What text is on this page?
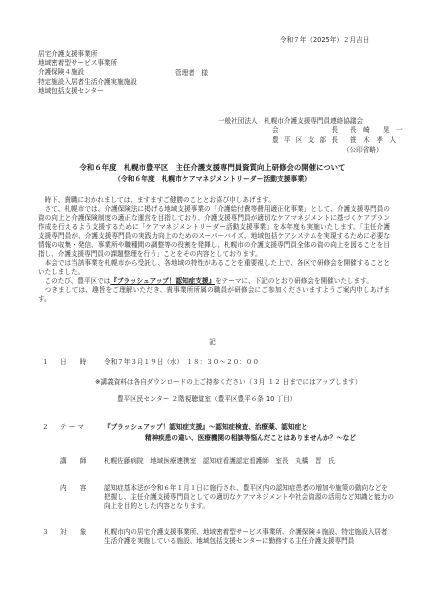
令和７年（2025年）２月吉日
居宅介護支援事業所
地域密着型サービス事業所
介護保険４施設
特定施設入居者生活介護実施施設
地域包括支援センター
管理者　様
一般社団法人　札幌市介護支援専門員連絡協議会
会長	長　崎　　晃　一
豊平区支部長	笹　木　孝　人
（公印省略）
令和６年度　札幌市豊平区　主任介護支援専門員資質向上研修会の開催について
（令和６年度　札幌市ケアマネジメントリーダー活動支援事業）

時下、貴職におかれましては、ますますご健勝のこととお喜び申しあげます。

さて、札幌市では、介護保険法に掲げる地域支援事業の「介護給付費等費用適正化事業」として、介護支援専門員の資の向上と介護保険制度の適正な運営を目指しており、介護支援専門員が適切なケアマネジメントに基づくケアプラン作成を行えるよう支援するために「ケアマネジメントリーダー活動支援事業」を本年度も実施いたします。「主任介護支援専門員が、介護支援専門員の実践力向上のためのスーパーバイズ、地域包括ケアシステムを実現するために必要な情報の収集・発信、事業所や職種間の調整等の役割を発揮し、札幌市の介護支援専門員全体の資の向上を図ることを目指し、介護支援専門員の課題整理を行う」ことをその内容としております。

本会では当該事業を札幌市から受託し、各地域の特性があることを重要視した上で、各区で研修会を開催することといたしました。

このたび、豊平区では『ブラッシュアップ！認知症支援』をテーマに、下記のとおり研修会を開催いたします。

つきましては、趣旨をご理解いただき、貴事業所所属の職員が研修会にご参加くださいますようご案内申しあげます。

記
１ 日　　時	令和７年３月１９日（水）　１８：３０～２０：００
※講義資料は各自ダウンロードの上ご持参ください（３月 １２ 日までにはアップします）
豊平区民センター ２階視聴覚室（豊平区豊平６条 10 丁目）
２ テ ー マ	『ブラッシュアップ！認知症支援』～認知症検査、治療薬、認知症と
精神疾患の違い、医療機関の相談等悩んだことはありませんか？～など
講　　師	札幌佐藤病院　地域医療連携室　認知症看護認定看護師　室長　丸橋　晋　氏
内　　容	認知症基本法が令和６年１月１日に施行され、豊平区内の認知症患者の増加や施策の動向などを把握し、主任介護支援専門員としての適切なケアマネジメントや社会資源の活用など知識と能力の向上を目的とした内容となります。
３ 対　　象	札幌市内の居宅介護支援事業所、地域密着型サービス事業所、介護保険４施設、特定施設入居者生活介護を実施している施設、地域包括支援センターに勤務する主任介護支援専門員
